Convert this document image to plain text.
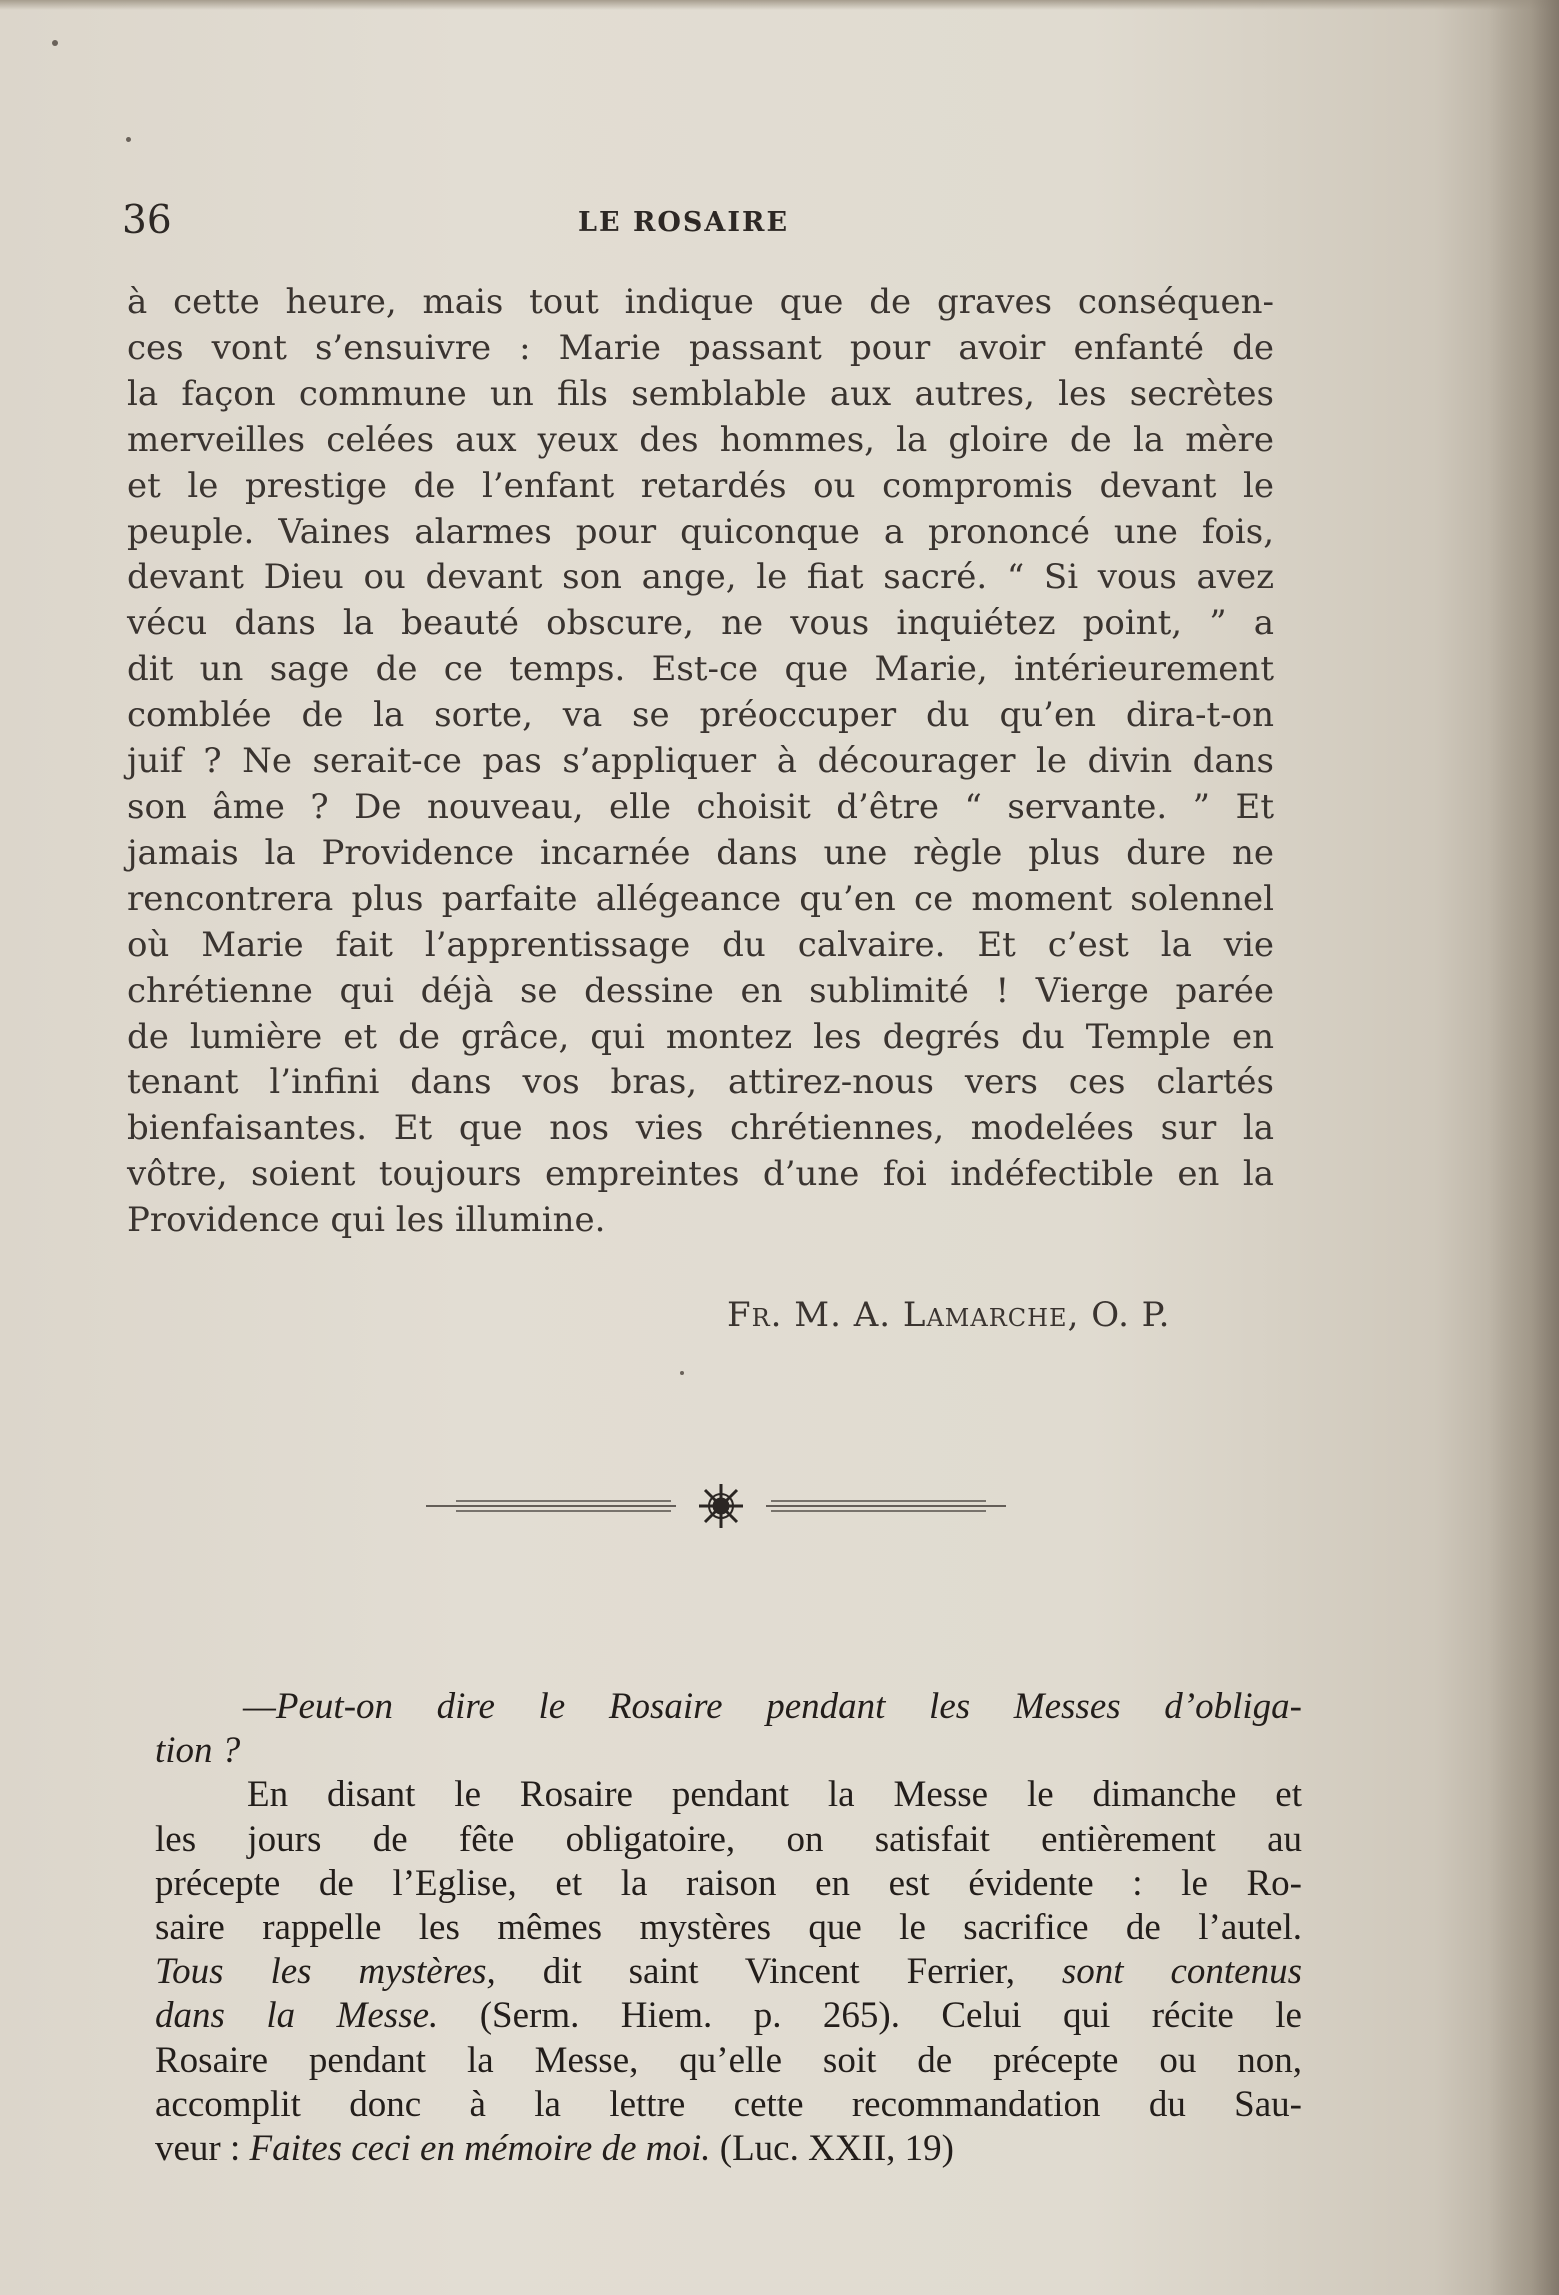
36	LE ROSAIRE
à cette heure, mais tout indique que de graves conséquen-
ces vont s’ensuivre : Marie passant pour avoir enfanté de
la façon commune un fils semblable aux autres, les secrètes
merveilles celées aux yeux des hommes, la gloire de la mère
et le prestige de l’enfant retardés ou compromis devant le
peuple. Vaines alarmes pour quiconque a prononcé une fois,
devant Dieu ou devant son ange, le fiat sacré. “ Si vous avez
vécu dans la beauté obscure, ne vous inquiétez point, ” a
dit un sage de ce temps. Est-ce que Marie, intérieurement
comblée de la sorte, va se préoccuper du qu’en dira-t-on
juif ? Ne serait-ce pas s’appliquer à décourager le divin dans
son âme ? De nouveau, elle choisit d’être “ servante. ” Et
jamais la Providence incarnée dans une règle plus dure ne
rencontrera plus parfaite allégeance qu’en ce moment solennel
où Marie fait l’apprentissage du calvaire. Et c’est la vie
chrétienne qui déjà se dessine en sublimité ! Vierge parée
de lumière et de grâce, qui montez les degrés du Temple en
tenant l’infini dans vos bras, attirez-nous vers ces clartés
bienfaisantes. Et que nos vies chrétiennes, modelées sur la
vôtre, soient toujours empreintes d’une foi indéfectible en la
Providence qui les illumine.
Fr. M. A. Lamarche, O. P.
—Peut-on dire le Rosaire pendant les Messes d’obliga-
tion ?
En disant le Rosaire pendant la Messe le dimanche et
les jours de fête obligatoire, on satisfait entièrement au
précepte de l’Eglise, et la raison en est évidente : le Ro-
saire rappelle les mêmes mystères que le sacrifice de l’autel.
Tous les mystères, dit saint Vincent Ferrier, sont contenus
dans la Messe. (Serm. Hiem. p. 265). Celui qui récite le
Rosaire pendant la Messe, qu’elle soit de précepte ou non,
accomplit donc à la lettre cette recommandation du Sau-
veur : Faites ceci en mémoire de moi. (Luc. XXII, 19)
